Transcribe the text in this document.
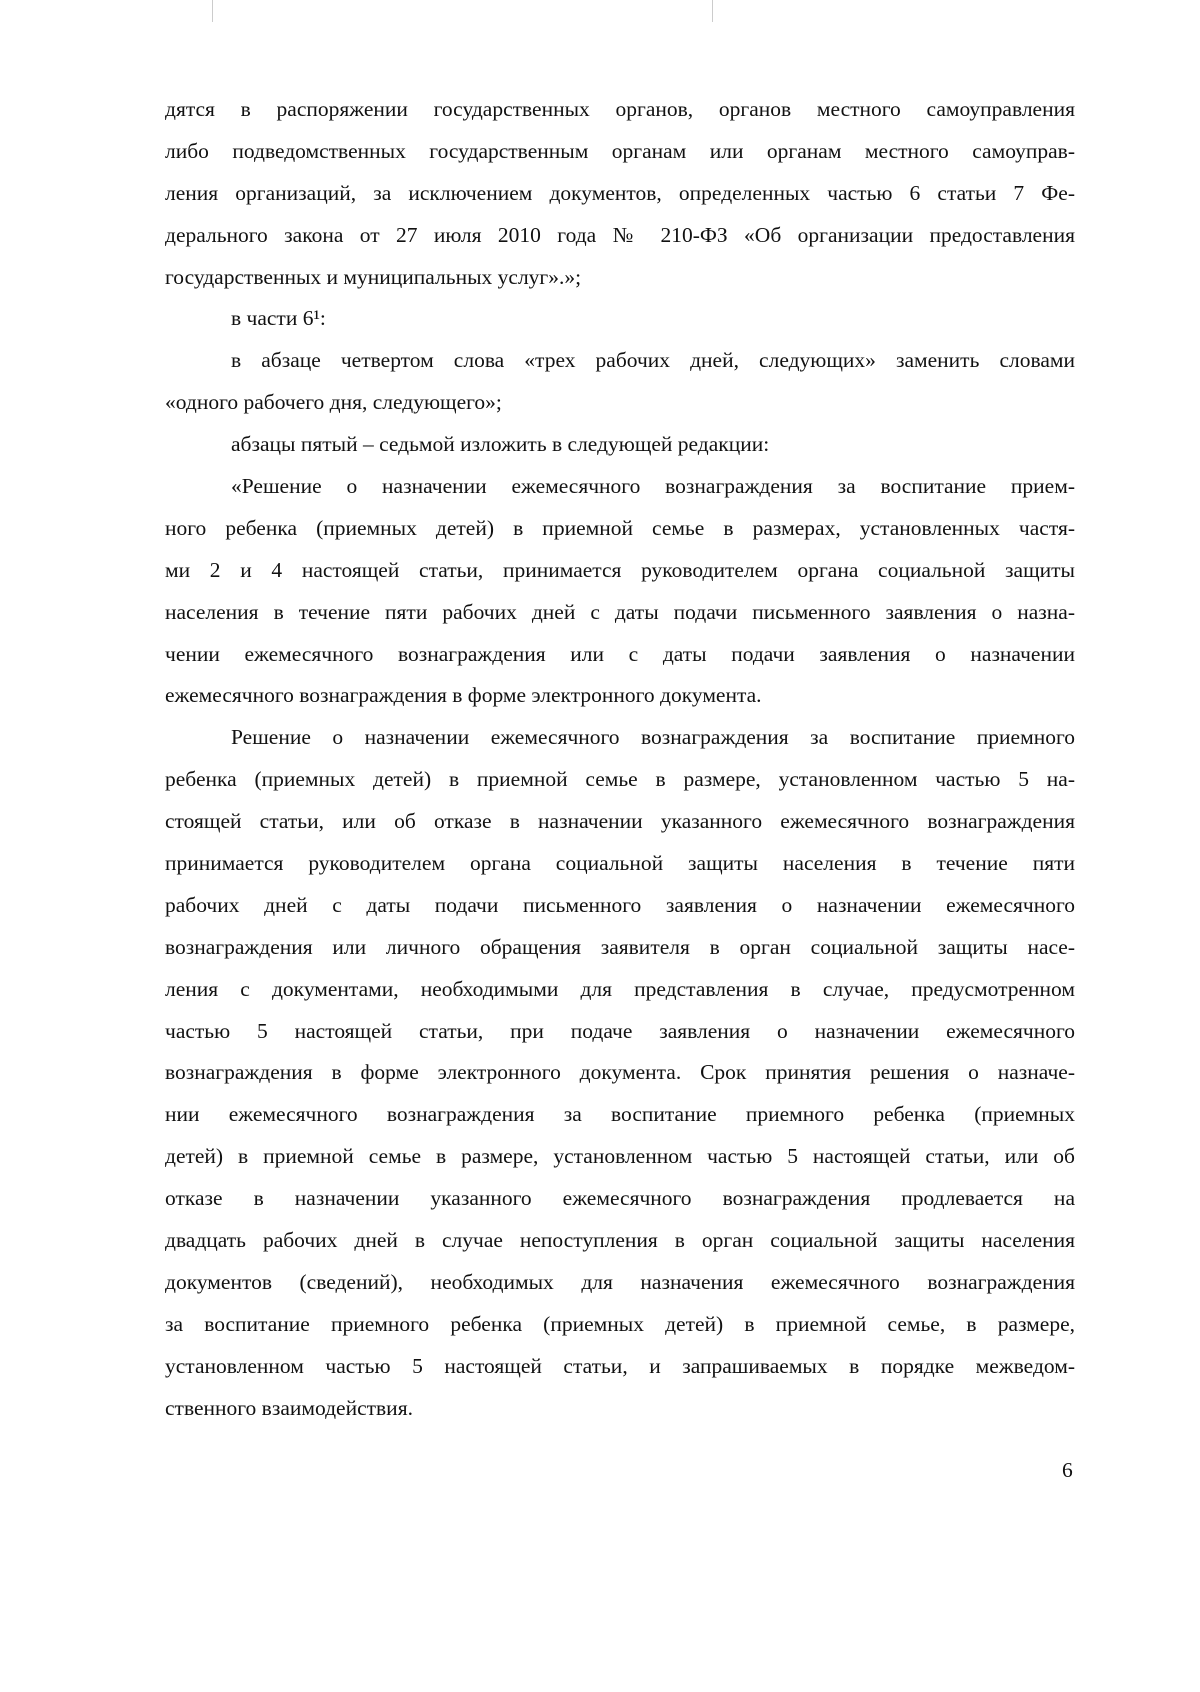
дятся в распоряжении государственных органов, органов местного самоуправления
либо подведомственных государственным органам или органам местного самоуправ-
ления организаций, за исключением документов, определенных частью 6 статьи 7 Фе-
дерального закона от 27 июля 2010 года № 210-ФЗ «Об организации предоставления
государственных и муниципальных услуг».»;
в части 6¹:
в абзаце четвертом слова «трех рабочих дней, следующих» заменить словами
«одного рабочего дня, следующего»;
абзацы пятый – седьмой изложить в следующей редакции:
«Решение о назначении ежемесячного вознаграждения за воспитание прием-
ного ребенка (приемных детей) в приемной семье в размерах, установленных частя-
ми 2 и 4 настоящей статьи, принимается руководителем органа социальной защиты
населения в течение пяти рабочих дней с даты подачи письменного заявления о назна-
чении ежемесячного вознаграждения или с даты подачи заявления о назначении
ежемесячного вознаграждения в форме электронного документа.
Решение о назначении ежемесячного вознаграждения за воспитание приемного
ребенка (приемных детей) в приемной семье в размере, установленном частью 5 на-
стоящей статьи, или об отказе в назначении указанного ежемесячного вознаграждения
принимается руководителем органа социальной защиты населения в течение пяти
рабочих дней с даты подачи письменного заявления о назначении ежемесячного
вознаграждения или личного обращения заявителя в орган социальной защиты насе-
ления с документами, необходимыми для представления в случае, предусмотренном
частью 5 настоящей статьи, при подаче заявления о назначении ежемесячного
вознаграждения в форме электронного документа. Срок принятия решения о назначе-
нии ежемесячного вознаграждения за воспитание приемного ребенка (приемных
детей) в приемной семье в размере, установленном частью 5 настоящей статьи, или об
отказе в назначении указанного ежемесячного вознаграждения продлевается на
двадцать рабочих дней в случае непоступления в орган социальной защиты населения
документов (сведений), необходимых для назначения ежемесячного вознаграждения
за воспитание приемного ребенка (приемных детей) в приемной семье, в размере,
установленном частью 5 настоящей статьи, и запрашиваемых в порядке межведом-
ственного взаимодействия.
6
